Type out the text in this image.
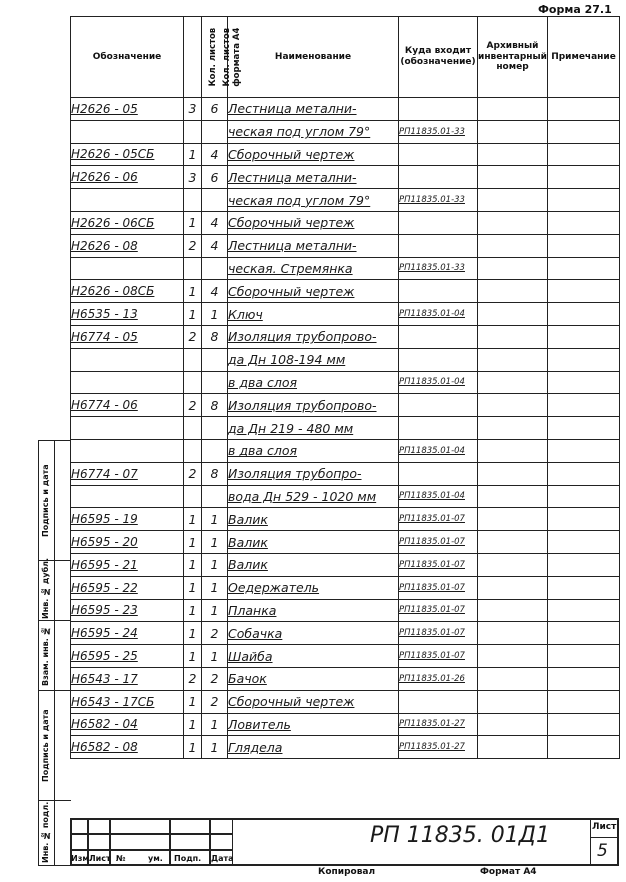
Форма 27.1
Обозначение	Кол. листов	Кол. листов формата А4	Наименование	Куда входит (обозначение)	Архивный инвентарный номер	Примечание
Н2626 - 05	3	6	Лестница метални-			
			ческая под углом 79°	РП11835.01-33		
Н2626 - 05СБ	1	4	Сборочный чертеж			
Н2626 - 06	3	6	Лестница метални-			
			ческая под углом 79°	РП11835.01-33		
Н2626 - 06СБ	1	4	Сборочный чертеж			
Н2626 - 08	2	4	Лестница метални-			
			ческая. Стремянка	РП11835.01-33		
Н2626 - 08СБ	1	4	Сборочный чертеж			
Н6535 - 13	1	1	Ключ	РП11835.01-04		
Н6774 - 05	2	8	Изоляция трубопрово-			
			да Дн 108-194 мм			
			в два слоя	РП11835.01-04		
Н6774 - 06	2	8	Изоляция трубопрово-			
			да Дн 219 - 480 мм			
			в два слоя	РП11835.01-04		
Н6774 - 07	2	8	Изоляция трубопро-			
			вода Дн 529 - 1020 мм	РП11835.01-04		
Н6595 - 19	1	1	Валик	РП11835.01-07		
Н6595 - 20	1	1	Валик	РП11835.01-07		
Н6595 - 21	1	1	Валик	РП11835.01-07		
Н6595 - 22	1	1	Оедержатель	РП11835.01-07		
Н6595 - 23	1	1	Планка	РП11835.01-07		
Н6595 - 24	1	2	Собачка	РП11835.01-07		
Н6595 - 25	1	1	Шайба	РП11835.01-07		
Н6543 - 17	2	2	Бачок	РП11835.01-26		
Н6543 - 17СБ	1	2	Сборочный чертеж			
Н6582 - 04	1	1	Ловитель	РП11835.01-27		
Н6582 - 08	1	1	Глядела	РП11835.01-27		
Подпись и дата
Инв. № дубл.
Взам. инв. №
Подпись и дата
Инв. № подл.	Изм.
Лист №	ум. Подп. Дата
РП 11835. 01Д1	Лист
5
Копировал	Формат А4
